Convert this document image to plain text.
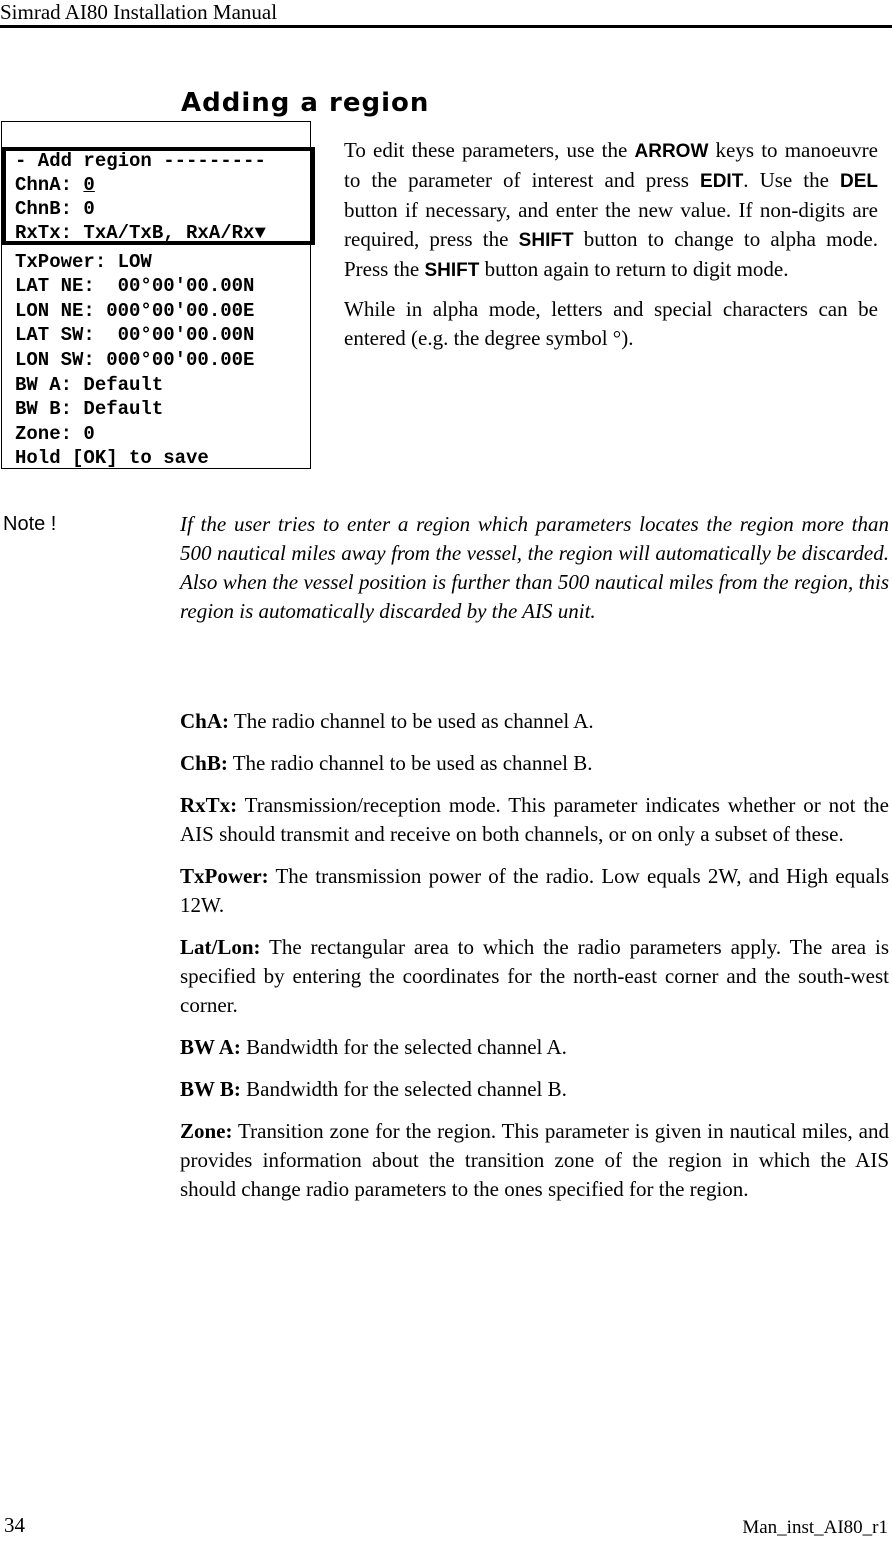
Simrad AI80 Installation Manual
Adding a region
- Add region ---------
ChnA: 0
ChnB: 0
RxTx: TxA/TxB, RxA/Rx▼
TxPower: LOW
LAT NE:  00°00'00.00N
LON NE: 000°00'00.00E
LAT SW:  00°00'00.00N
LON SW: 000°00'00.00E
BW A: Default
BW B: Default
Zone: 0
Hold [OK] to save

To edit these parameters, use the ARROW keys to manoeuvre to the parameter of interest and press EDIT. Use the DEL button if necessary, and enter the new value. If non-digits are required, press the SHIFT button to change to alpha mode. Press the SHIFT button again to return to digit mode.

While in alpha mode, letters and special characters can be entered (e.g. the degree symbol °).

Note !	If the user tries to enter a region which parameters locates the region more than 500 nautical miles away from the vessel, the region will automatically be discarded. Also when the vessel position is further than 500 nautical miles from the region, this region is automatically discarded by the AIS unit.

ChA: The radio channel to be used as channel A.

ChB: The radio channel to be used as channel B.

RxTx: Transmission/reception mode. This parameter indicates whether or not the AIS should transmit and receive on both channels, or on only a subset of these.

TxPower: The transmission power of the radio. Low equals 2W, and High equals 12W.

Lat/Lon: The rectangular area to which the radio parameters apply. The area is specified by entering the coordinates for the north-east corner and the south-west corner.

BW A: Bandwidth for the selected channel A.

BW B: Bandwidth for the selected channel B.

Zone: Transition zone for the region. This parameter is given in nautical miles, and provides information about the transition zone of the region in which the AIS should change radio parameters to the ones specified for the region.

34	Man_inst_AI80_r1
